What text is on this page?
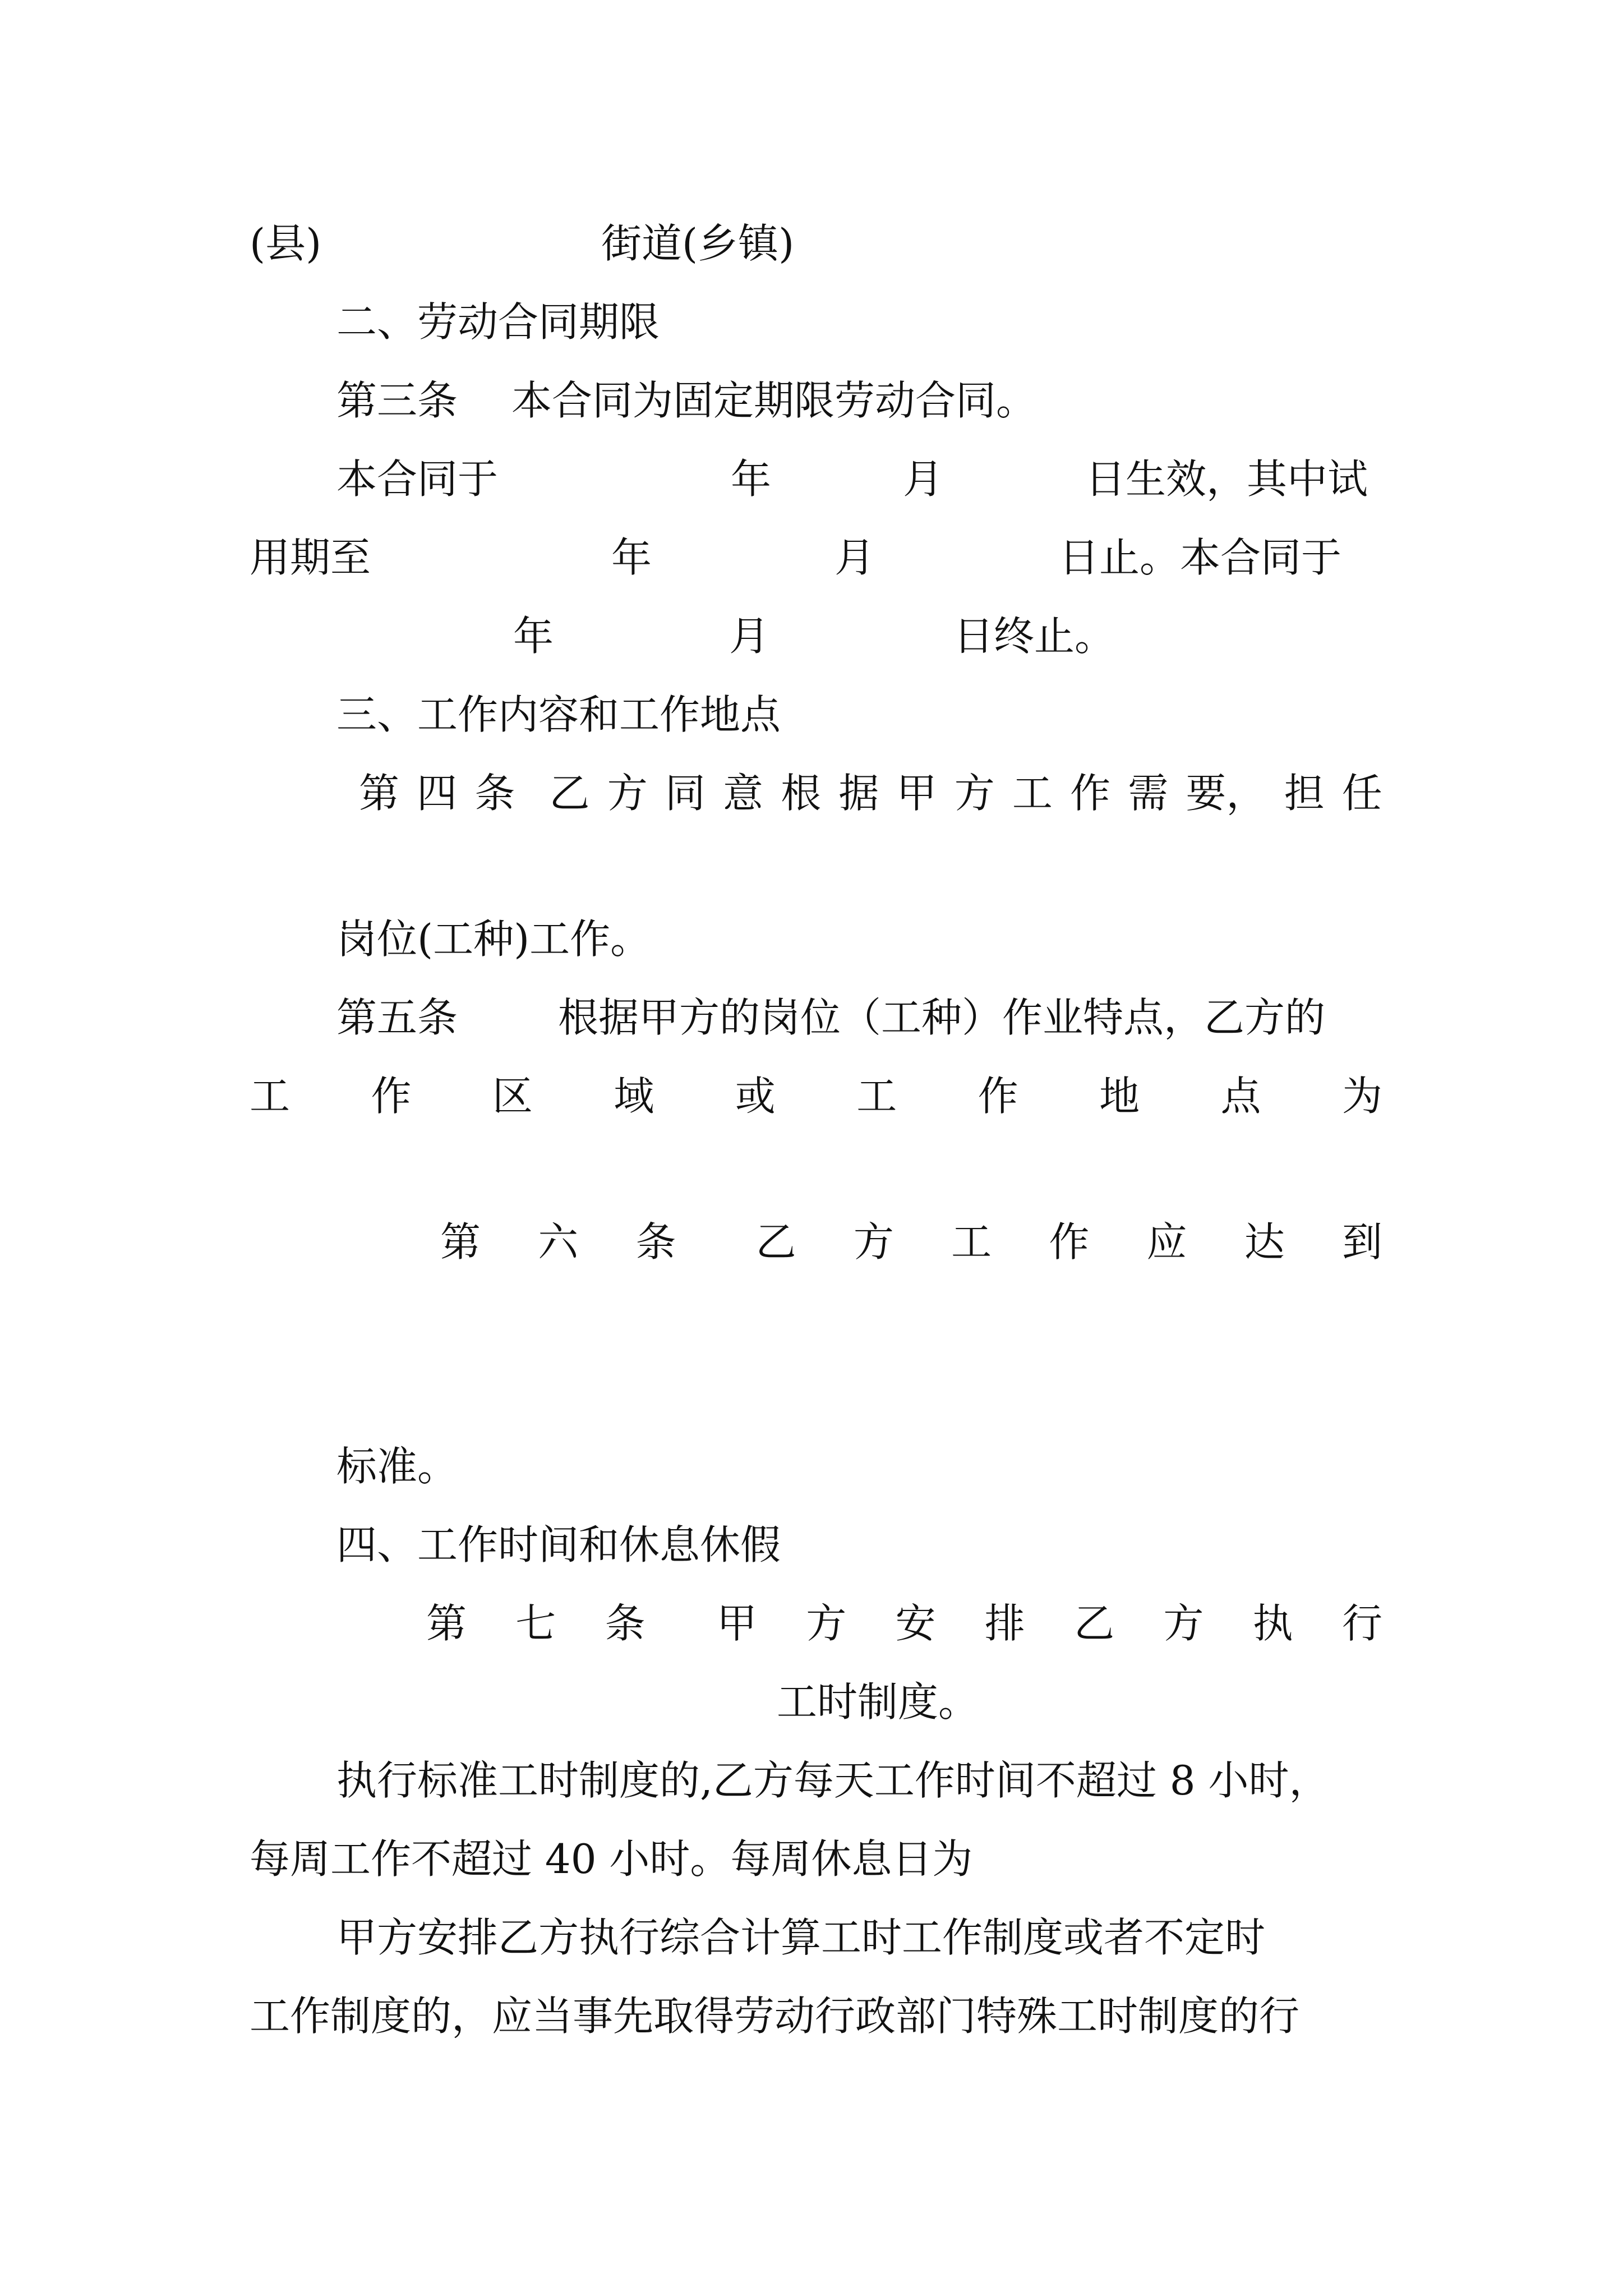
(县)	街道(乡镇)
二、劳动合同期限
第三条 本合同为固定期限劳动合同。
本合同于	年	月	日生效，其中试
用期至	年	月	日止。本合同于
年	月	日终止。
三、工作内容和工作地点
第 四 条 乙 方 同 意 根 据 甲 方 工 作 需 要， 担 任
岗位(工种)工作。
第五条 根据甲方的岗位（工种）作业特点，乙方的
工 作 区 域 或 工 作 地 点 为
第 六 条 乙 方 工 作 应 达 到
标准。
四、工作时间和休息休假
第 七 条 甲 方 安 排 乙 方 执 行
工时制度。
执行标准工时制度的,乙方每天工作时间不超过 8 小时，
每周工作不超过 40 小时。每周休息日为
甲方安排乙方执行综合计算工时工作制度或者不定时
工作制度的，应当事先取得劳动行政部门特殊工时制度的行
